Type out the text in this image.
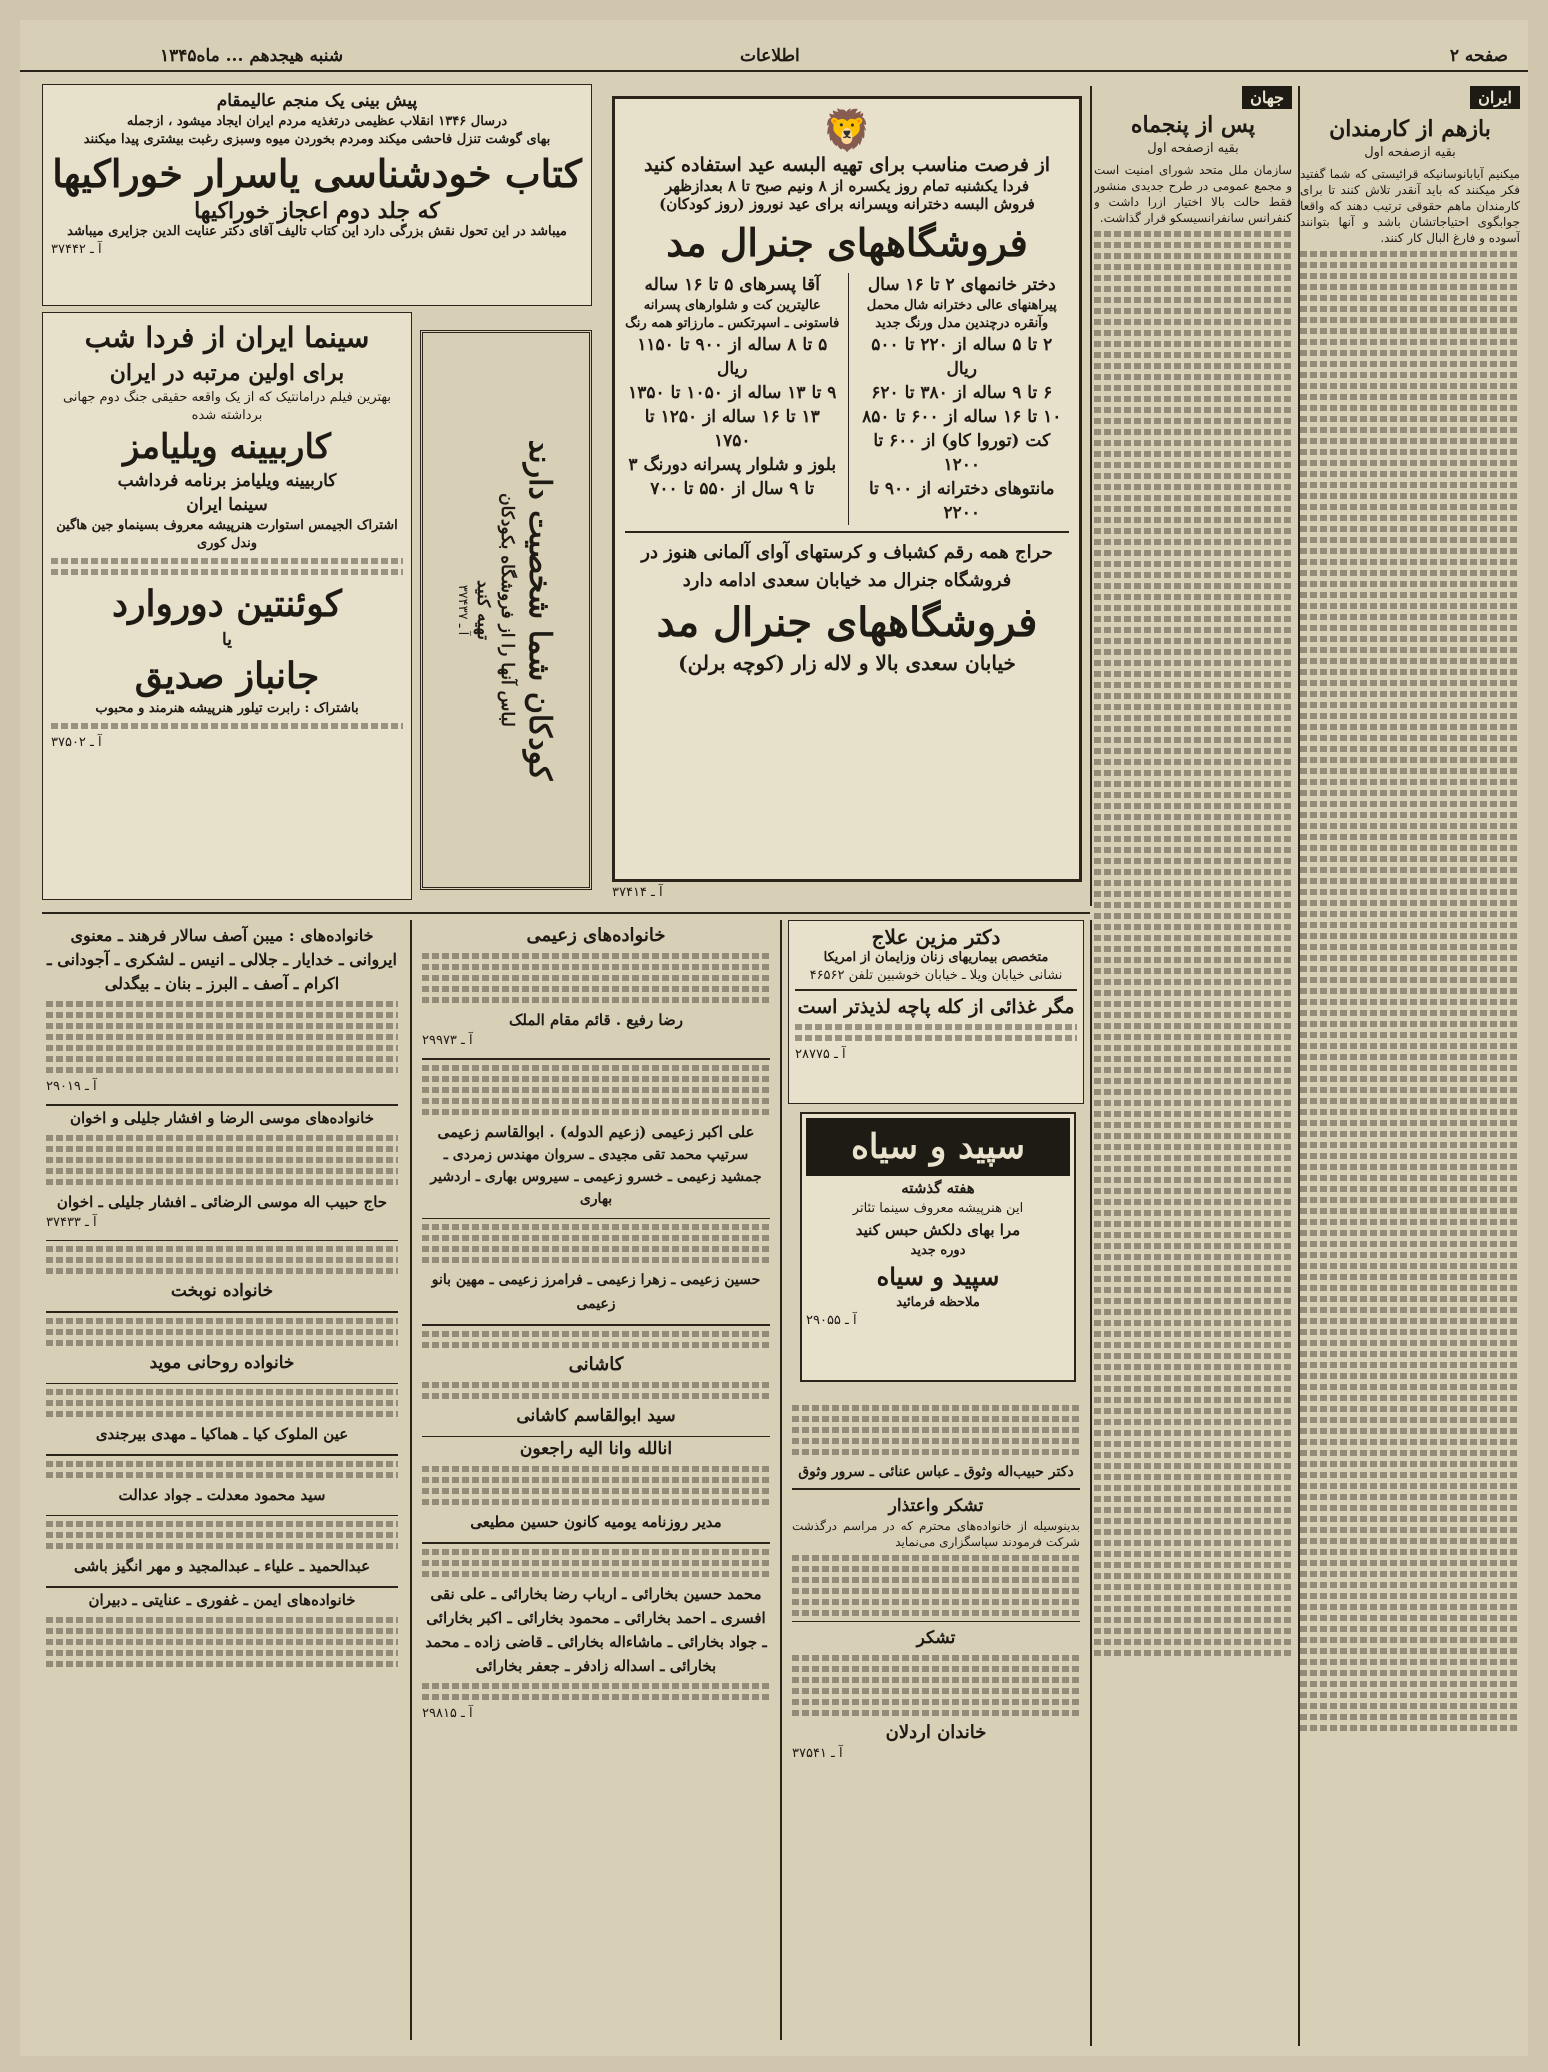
صفحه ۲
اطلاعات
شنبه هیجدهم ... ماه۱۳۴۵
ایران
بازهم از کارمندان
بقیه ازصفحه اول
میکنیم آیابانوسانیکه قرائیستی که شما گفتید فکر میکنند که باید آنقدر تلاش کنند تا برای کارمندان ماهم حقوقی ترتیب دهند که واقعا جوابگوی احتیاجاتشان باشد و آنها بتوانند آسوده و فارغ البال کار کنند.
جهان
پس از پنجماه
بقیه ازصفحه اول
سازمان ملل متحد شورای امنیت است و مجمع عمومی در طرح جدیدی منشور فقط حالت بالا اختیار ازرا داشت و کنفرانس سانفرانسیسکو قرار گذاشت.
پیش بینی یک منجم عالیمقام
درسال ۱۳۴۶ انقلاب عظیمی درتغذیه مردم ایران ایجاد میشود ، ازجمله
بهای گوشت تنزل فاحشی میکند ومردم بخوردن میوه وسبزی رغبت بیشتری پیدا میکنند
کتاب خودشناسی یاسرار خوراکیها
که جلد دوم اعجاز خوراکیها
میباشد در این تحول نقش بزرگی دارد این کتاب تالیف آقای دکتر عنایت الدین جزایری میباشد
آ ـ ۳۷۴۴۲
سینما ایران از فردا شب
برای اولین مرتبه در ایران
بهترین فیلم درامانتیک که از یک واقعه حقیقی جنگ دوم جهانی برداشته شده
کاربیینه ویلیامز
کاربیینه ویلیامز برنامه فرداشب
سینما ایران
اشتراک الجیمس استوارت هنرپیشه معروف بسینماو جین هاگین وندل کوری
کوئنتین دوروارد
یا
جانباز صدیق
باشتراک : رابرت تیلور هنرپیشه هنرمند و محبوب
آ ـ ۳۷۵۰۲	کودکان شما شخصیت دارند
لباس آنها را از فروشگاه بکودکان
تهیه کنید
آ ـ ۳۷۴۳۷
🦁
از فرصت مناسب برای تهیه البسه عید استفاده کنید
فردا یکشنبه تمام روز یکسره از ۸ ونیم صبح تا ۸ بعدازظهر
فروش البسه دخترانه وپسرانه برای عید نوروز (روز کودکان)
فروشگاههای جنرال مد
دختر خانمهای ۲ تا ۱۶ سال
پیراهنهای عالی دخترانه شال محمل وآنقره درچندین مدل ورنگ جدید
۲ تا ۵ ساله از ۲۲۰ تا ۵۰۰ ریال
۶ تا ۹ ساله از ۳۸۰ تا ۶۲۰
۱۰ تا ۱۶ ساله از ۶۰۰ تا ۸۵۰
کت (توروا کاو) از ۶۰۰ تا ۱۲۰۰
مانتوهای دخترانه از ۹۰۰ تا ۲۲۰۰
آقا پسرهای ۵ تا ۱۶ ساله
عالیترین کت و شلوارهای پسرانه فاستونی ـ اسپرتکس ـ مارزاتو همه رنگ
۵ تا ۸ ساله از ۹۰۰ تا ۱۱۵۰ ریال
۹ تا ۱۳ ساله از ۱۰۵۰ تا ۱۳۵۰
۱۳ تا ۱۶ ساله از ۱۲۵۰ تا ۱۷۵۰
بلوز و شلوار پسرانه دورنگ ۳ تا ۹ سال از ۵۵۰ تا ۷۰۰
حراج همه رقم کشباف و کرستهای آوای آلمانی هنوز در فروشگاه جنرال مد خیابان سعدی ادامه دارد
فروشگاههای جنرال مد
خیابان سعدی بالا و لاله زار (کوچه برلن)
آ ـ ۳۷۴۱۴
خانواده‌های : میبن آصف سالار فرهند ـ معنوی ایروانی ـ خدایار ـ جلالی ـ انیس ـ لشکری ـ آجودانی ـ اکرام ـ آصف ـ البرز ـ بنان ـ بیگدلی
آ ـ ۲۹۰۱۹
خانواده‌های موسی الرضا و افشار جلیلی و اخوان
حاج حبیب اله موسی الرضائی ـ افشار جلیلی ـ اخوان
آ ـ ۳۷۴۳۳
خانواده نوبخت
خانواده روحانی موید
عین الملوک کیا ـ هماکیا ـ مهدی بیرجندی
سید محمود معدلت ـ جواد عدالت
عبدالحمید ـ علیاء ـ عبدالمجید و مهر انگیز باشی
خانواده‌های ایمن ـ غفوری ـ عنایتی ـ دبیران
خانواده‌های زعیمی
رضا رفیع . قائم مقام الملک
آ ـ ۲۹۹۷۳
علی اکبر زعیمی (زعیم الدوله) . ابوالقاسم زعیمی
سرتیپ محمد تقی مجیدی ـ سروان مهندس زمردی ـ جمشید زعیمی ـ خسرو زعیمی ـ سیروس بهاری ـ اردشیر بهاری
حسین زعیمی ـ زهرا زعیمی ـ فرامرز زعیمی ـ مهین بانو زعیمی
کاشانی
سید ابوالقاسم کاشانی
انالله وانا الیه راجعون
مدیر روزنامه یومیه کانون حسین مطیعی
محمد حسین بخارائی ـ ارباب رضا بخارائی ـ علی نقی افسری ـ احمد بخارائی ـ محمود بخارائی ـ اکبر بخارائی ـ جواد بخارائی ـ ماشاءاله بخارائی ـ قاضی زاده ـ محمد بخارائی ـ اسداله زادفر ـ جعفر بخارائی
آ ـ ۲۹۸۱۵
دکتر مزین علاج
متخصص بیماریهای زنان وزایمان از امریکا
نشانی خیابان ویلا ـ خیابان خوشبین تلفن ۴۶۵۶۲
مگر غذائی از کله پاچه لذیذتر است
آ ـ ۲۸۷۷۵
سپید و سیاه
هفته گذشته
این هنرپیشه معروف سینما تئاتر
مرا بهای دلکش حبس کنید
دوره جدید
سپید و سیاه
ملاحظه فرمائید
آ ـ ۲۹۰۵۵
دکتر حبیب‌اله وثوق ـ عباس عنائی ـ سرور وثوق
تشکر واعتذار
بدینوسیله از خانواده‌های محترم که در مراسم درگذشت شرکت فرمودند سپاسگزاری می‌نماید
تشکر
خاندان اردلان
آ ـ ۳۷۵۴۱
